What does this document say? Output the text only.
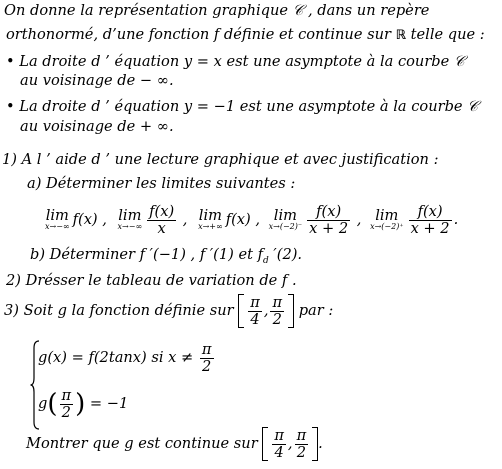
On donne la représentation graphique 𝒞 , dans un repère
orthonormé, d’une fonction f définie et continue sur ℝ telle que :
• La droite d ’ équation y = x est une asymptote à la courbe 𝒞
au voisinage de − ∞.
• La droite d ’ équation y = −1 est une asymptote à la courbe 𝒞
au voisinage de + ∞.
1) A l ’ aide d ’ une lecture graphique et avec justification :
a) Déterminer les limites suivantes :
lim
x→−∞ f(x) , lim
$x\to-\infty \frac{f(x)}{x}$ , lim
x→+∞ f(x) , lim
$x\to(-2)^- \frac{f(x)}{x + 2}$ , lim
$x\to(-2)^+ \frac{f(x)}{x + 2}$ .
b) Déterminer f ′(−1) , f ′(1) et $f_d$ ′(2).
2) Drésser le tableau de variation de f .
3) Soit g la fonction définie sur $\frac{\pi}{4}$ , $\frac{\pi}{2}$ par :
g(x) = f(2tanx) si $x \ne \frac{\pi}{2}$
$g( \frac{\pi}{2}$ ) = −1
Montrer que g est continue sur $\frac{\pi}{4}$ , $\frac{\pi}{2}$ .
